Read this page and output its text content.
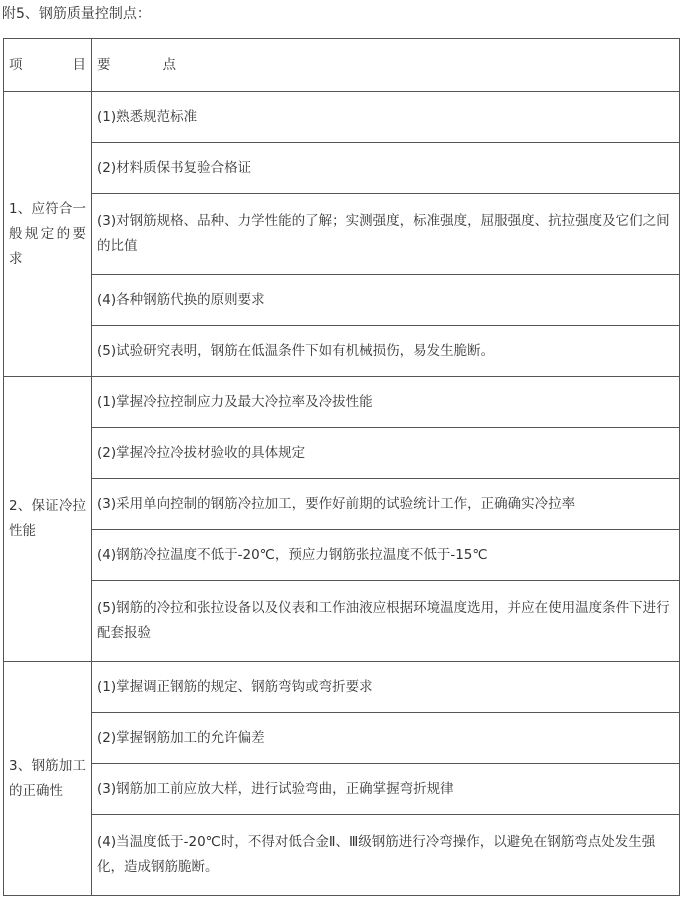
附5、钢筋质量控制点：
项 目	要 点
1、应符合一般规定的要求	(1)熟悉规范标准
	(2)材料质保书复验合格证
	(3)对钢筋规格、品种、力学性能的了解；实测强度，标准强度，屈服强度、抗拉强度及它们之间的比值
	(4)各种钢筋代换的原则要求
	(5)试验研究表明，钢筋在低温条件下如有机械损伤，易发生脆断。
2、保证冷拉性能	(1)掌握冷拉控制应力及最大冷拉率及冷拔性能
	(2)掌握冷拉冷拔材验收的具体规定
	(3)采用单向控制的钢筋冷拉加工，要作好前期的试验统计工作，正确确实冷拉率
	(4)钢筋冷拉温度不低于-20℃，预应力钢筋张拉温度不低于-15℃
	(5)钢筋的冷拉和张拉设备以及仪表和工作油液应根据环境温度选用，并应在使用温度条件下进行配套报验
3、钢筋加工的正确性	(1)掌握调正钢筋的规定、钢筋弯钩或弯折要求
	(2)掌握钢筋加工的允许偏差
	(3)钢筋加工前应放大样，进行试验弯曲，正确掌握弯折规律
	(4)当温度低于-20℃时，不得对低合金Ⅱ、Ⅲ级钢筋进行冷弯操作，以避免在钢筋弯点处发生强化，造成钢筋脆断。
